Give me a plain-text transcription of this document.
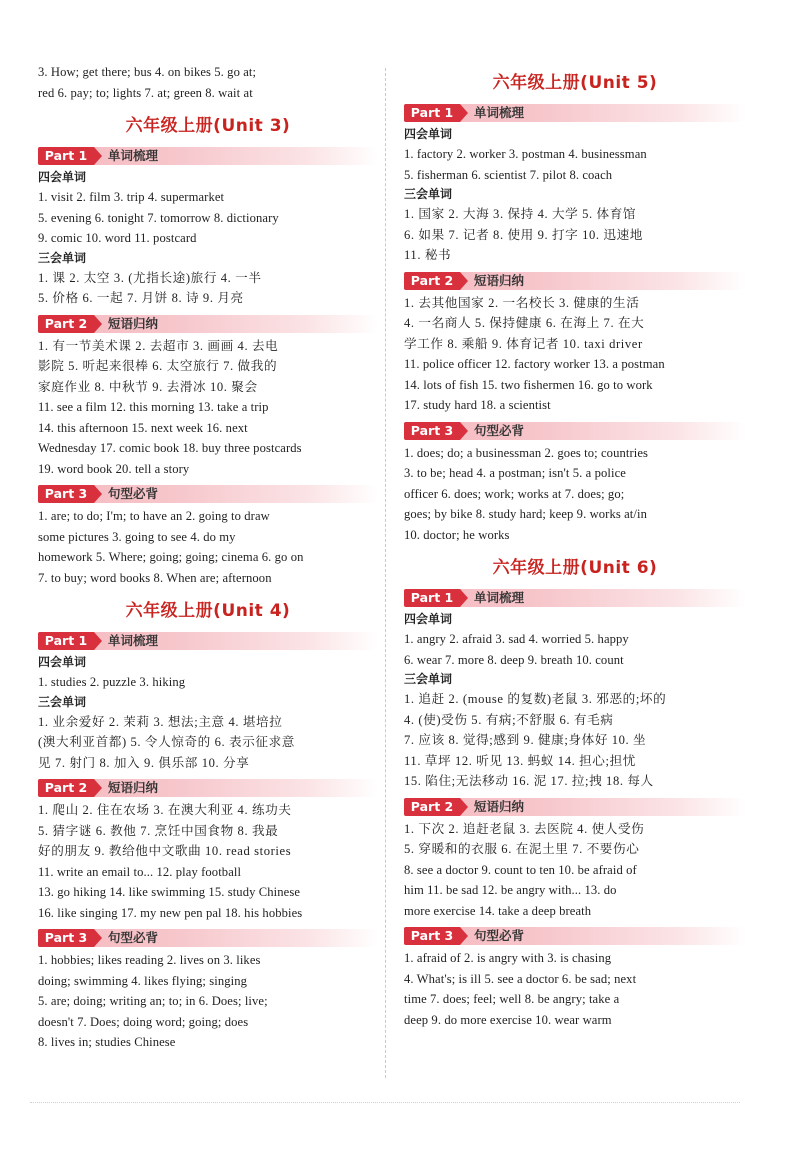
3. How; get there; bus 4. on bikes 5. go at;
red 6. pay; to; lights 7. at; green 8. wait at
六年级上册(Unit 3)
Part 1	单词梳理
四会单词
1. visit 2. film 3. trip 4. supermarket
5. evening 6. tonight 7. tomorrow 8. dictionary
9. comic 10. word 11. postcard
三会单词
1. 课 2. 太空 3. (尤指长途)旅行 4. 一半
5. 价格 6. 一起 7. 月饼 8. 诗 9. 月亮
Part 2	短语归纳
1. 有一节美术课 2. 去超市 3. 画画 4. 去电
影院 5. 听起来很棒 6. 太空旅行 7. 做我的
家庭作业 8. 中秋节 9. 去滑冰 10. 聚会
11. see a film 12. this morning 13. take a trip
14. this afternoon 15. next week 16. next
Wednesday 17. comic book 18. buy three postcards
19. word book 20. tell a story
Part 3	句型必背
1. are; to do; I'm; to have an 2. going to draw
some pictures 3. going to see 4. do my
homework 5. Where; going; going; cinema 6. go on
7. to buy; word books 8. When are; afternoon
六年级上册(Unit 4)
Part 1	单词梳理
四会单词
1. studies 2. puzzle 3. hiking
三会单词
1. 业余爱好 2. 茉莉 3. 想法;主意 4. 堪培拉
(澳大利亚首都) 5. 令人惊奇的 6. 表示征求意
见 7. 射门 8. 加入 9. 俱乐部 10. 分享
Part 2	短语归纳
1. 爬山 2. 住在农场 3. 在澳大利亚 4. 练功夫
5. 猜字谜 6. 教他 7. 烹饪中国食物 8. 我最
好的朋友 9. 教给他中文歌曲 10. read stories
11. write an email to... 12. play football
13. go hiking 14. like swimming 15. study Chinese
16. like singing 17. my new pen pal 18. his hobbies
Part 3	句型必背
1. hobbies; likes reading 2. lives on 3. likes
doing; swimming 4. likes flying; singing
5. are; doing; writing an; to; in 6. Does; live;
doesn't 7. Does; doing word; going; does
8. lives in; studies Chinese
六年级上册(Unit 5)
Part 1	单词梳理
四会单词
1. factory 2. worker 3. postman 4. businessman
5. fisherman 6. scientist 7. pilot 8. coach
三会单词
1. 国家 2. 大海 3. 保持 4. 大学 5. 体育馆
6. 如果 7. 记者 8. 使用 9. 打字 10. 迅速地
11. 秘书
Part 2	短语归纳
1. 去其他国家 2. 一名校长 3. 健康的生活
4. 一名商人 5. 保持健康 6. 在海上 7. 在大
学工作 8. 乘船 9. 体育记者 10. taxi driver
11. police officer 12. factory worker 13. a postman
14. lots of fish 15. two fishermen 16. go to work
17. study hard 18. a scientist
Part 3	句型必背
1. does; do; a businessman 2. goes to; countries
3. to be; head 4. a postman; isn't 5. a police
officer 6. does; work; works at 7. does; go;
goes; by bike 8. study hard; keep 9. works at/in
10. doctor; he works
六年级上册(Unit 6)
Part 1	单词梳理
四会单词
1. angry 2. afraid 3. sad 4. worried 5. happy
6. wear 7. more 8. deep 9. breath 10. count
三会单词
1. 追赶 2. (mouse 的复数)老鼠 3. 邪恶的;坏的
4. (使)受伤 5. 有病;不舒服 6. 有毛病
7. 应该 8. 觉得;感到 9. 健康;身体好 10. 坐
11. 草坪 12. 听见 13. 蚂蚁 14. 担心;担忧
15. 陷住;无法移动 16. 泥 17. 拉;拽 18. 每人
Part 2	短语归纳
1. 下次 2. 追赶老鼠 3. 去医院 4. 使人受伤
5. 穿暖和的衣服 6. 在泥土里 7. 不要伤心
8. see a doctor 9. count to ten 10. be afraid of
him 11. be sad 12. be angry with... 13. do
more exercise 14. take a deep breath
Part 3	句型必背
1. afraid of 2. is angry with 3. is chasing
4. What's; is ill 5. see a doctor 6. be sad; next
time 7. does; feel; well 8. be angry; take a
deep 9. do more exercise 10. wear warm
